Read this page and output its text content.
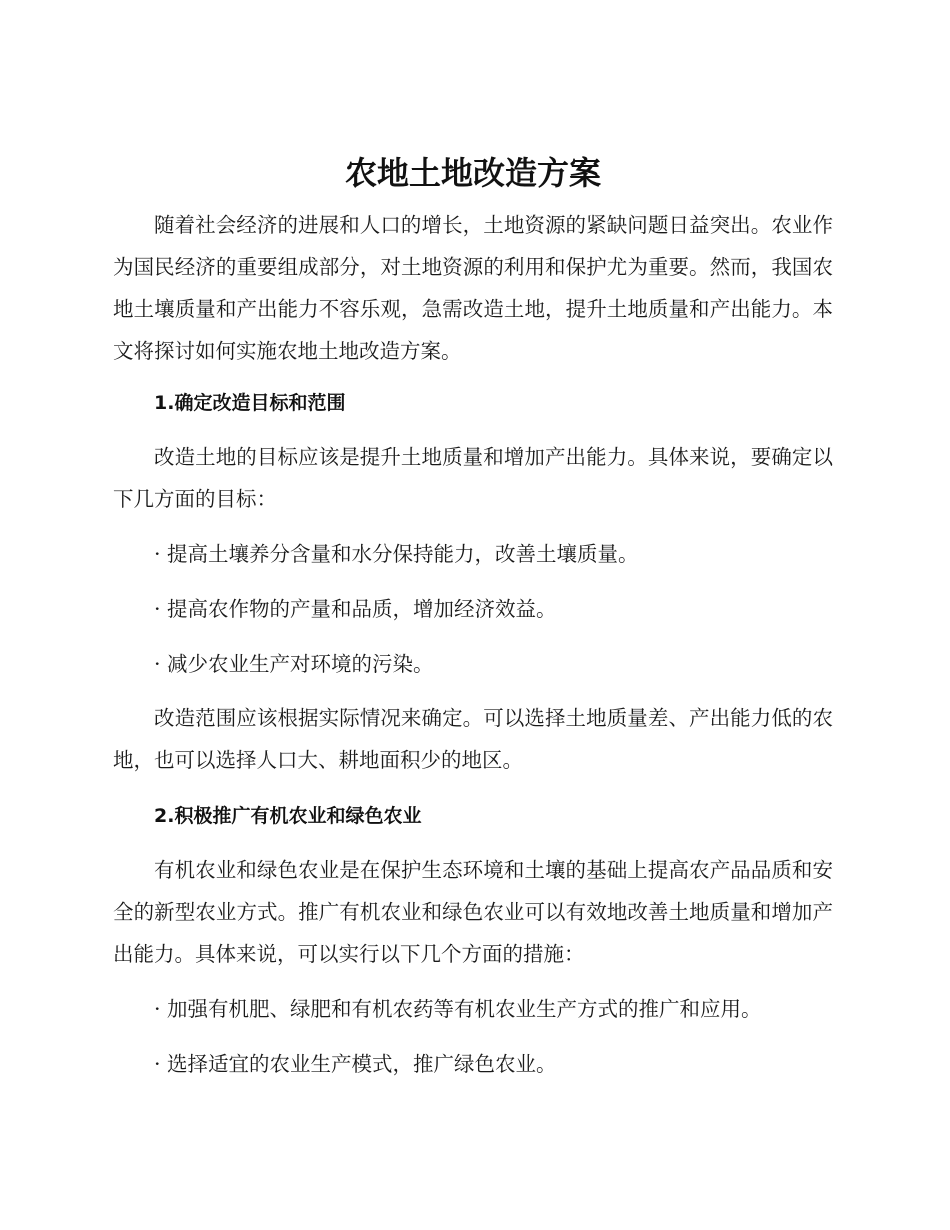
农地土地改造方案

随着社会经济的进展和人口的增长，土地资源的紧缺问题日益突出。农业作为国民经济的重要组成部分，对土地资源的利用和保护尤为重要。然而，我国农地土壤质量和产出能力不容乐观，急需改造土地，提升土地质量和产出能力。本文将探讨如何实施农地土地改造方案。

1.确定改造目标和范围

改造土地的目标应该是提升土地质量和增加产出能力。具体来说，要确定以下几方面的目标：

· 提高土壤养分含量和水分保持能力，改善土壤质量。

· 提高农作物的产量和品质，增加经济效益。

· 减少农业生产对环境的污染。

改造范围应该根据实际情况来确定。可以选择土地质量差、产出能力低的农地，也可以选择人口大、耕地面积少的地区。

2.积极推广有机农业和绿色农业

有机农业和绿色农业是在保护生态环境和土壤的基础上提高农产品品质和安全的新型农业方式。推广有机农业和绿色农业可以有效地改善土地质量和增加产出能力。具体来说，可以实行以下几个方面的措施：

· 加强有机肥、绿肥和有机农药等有机农业生产方式的推广和应用。

· 选择适宜的农业生产模式，推广绿色农业。
